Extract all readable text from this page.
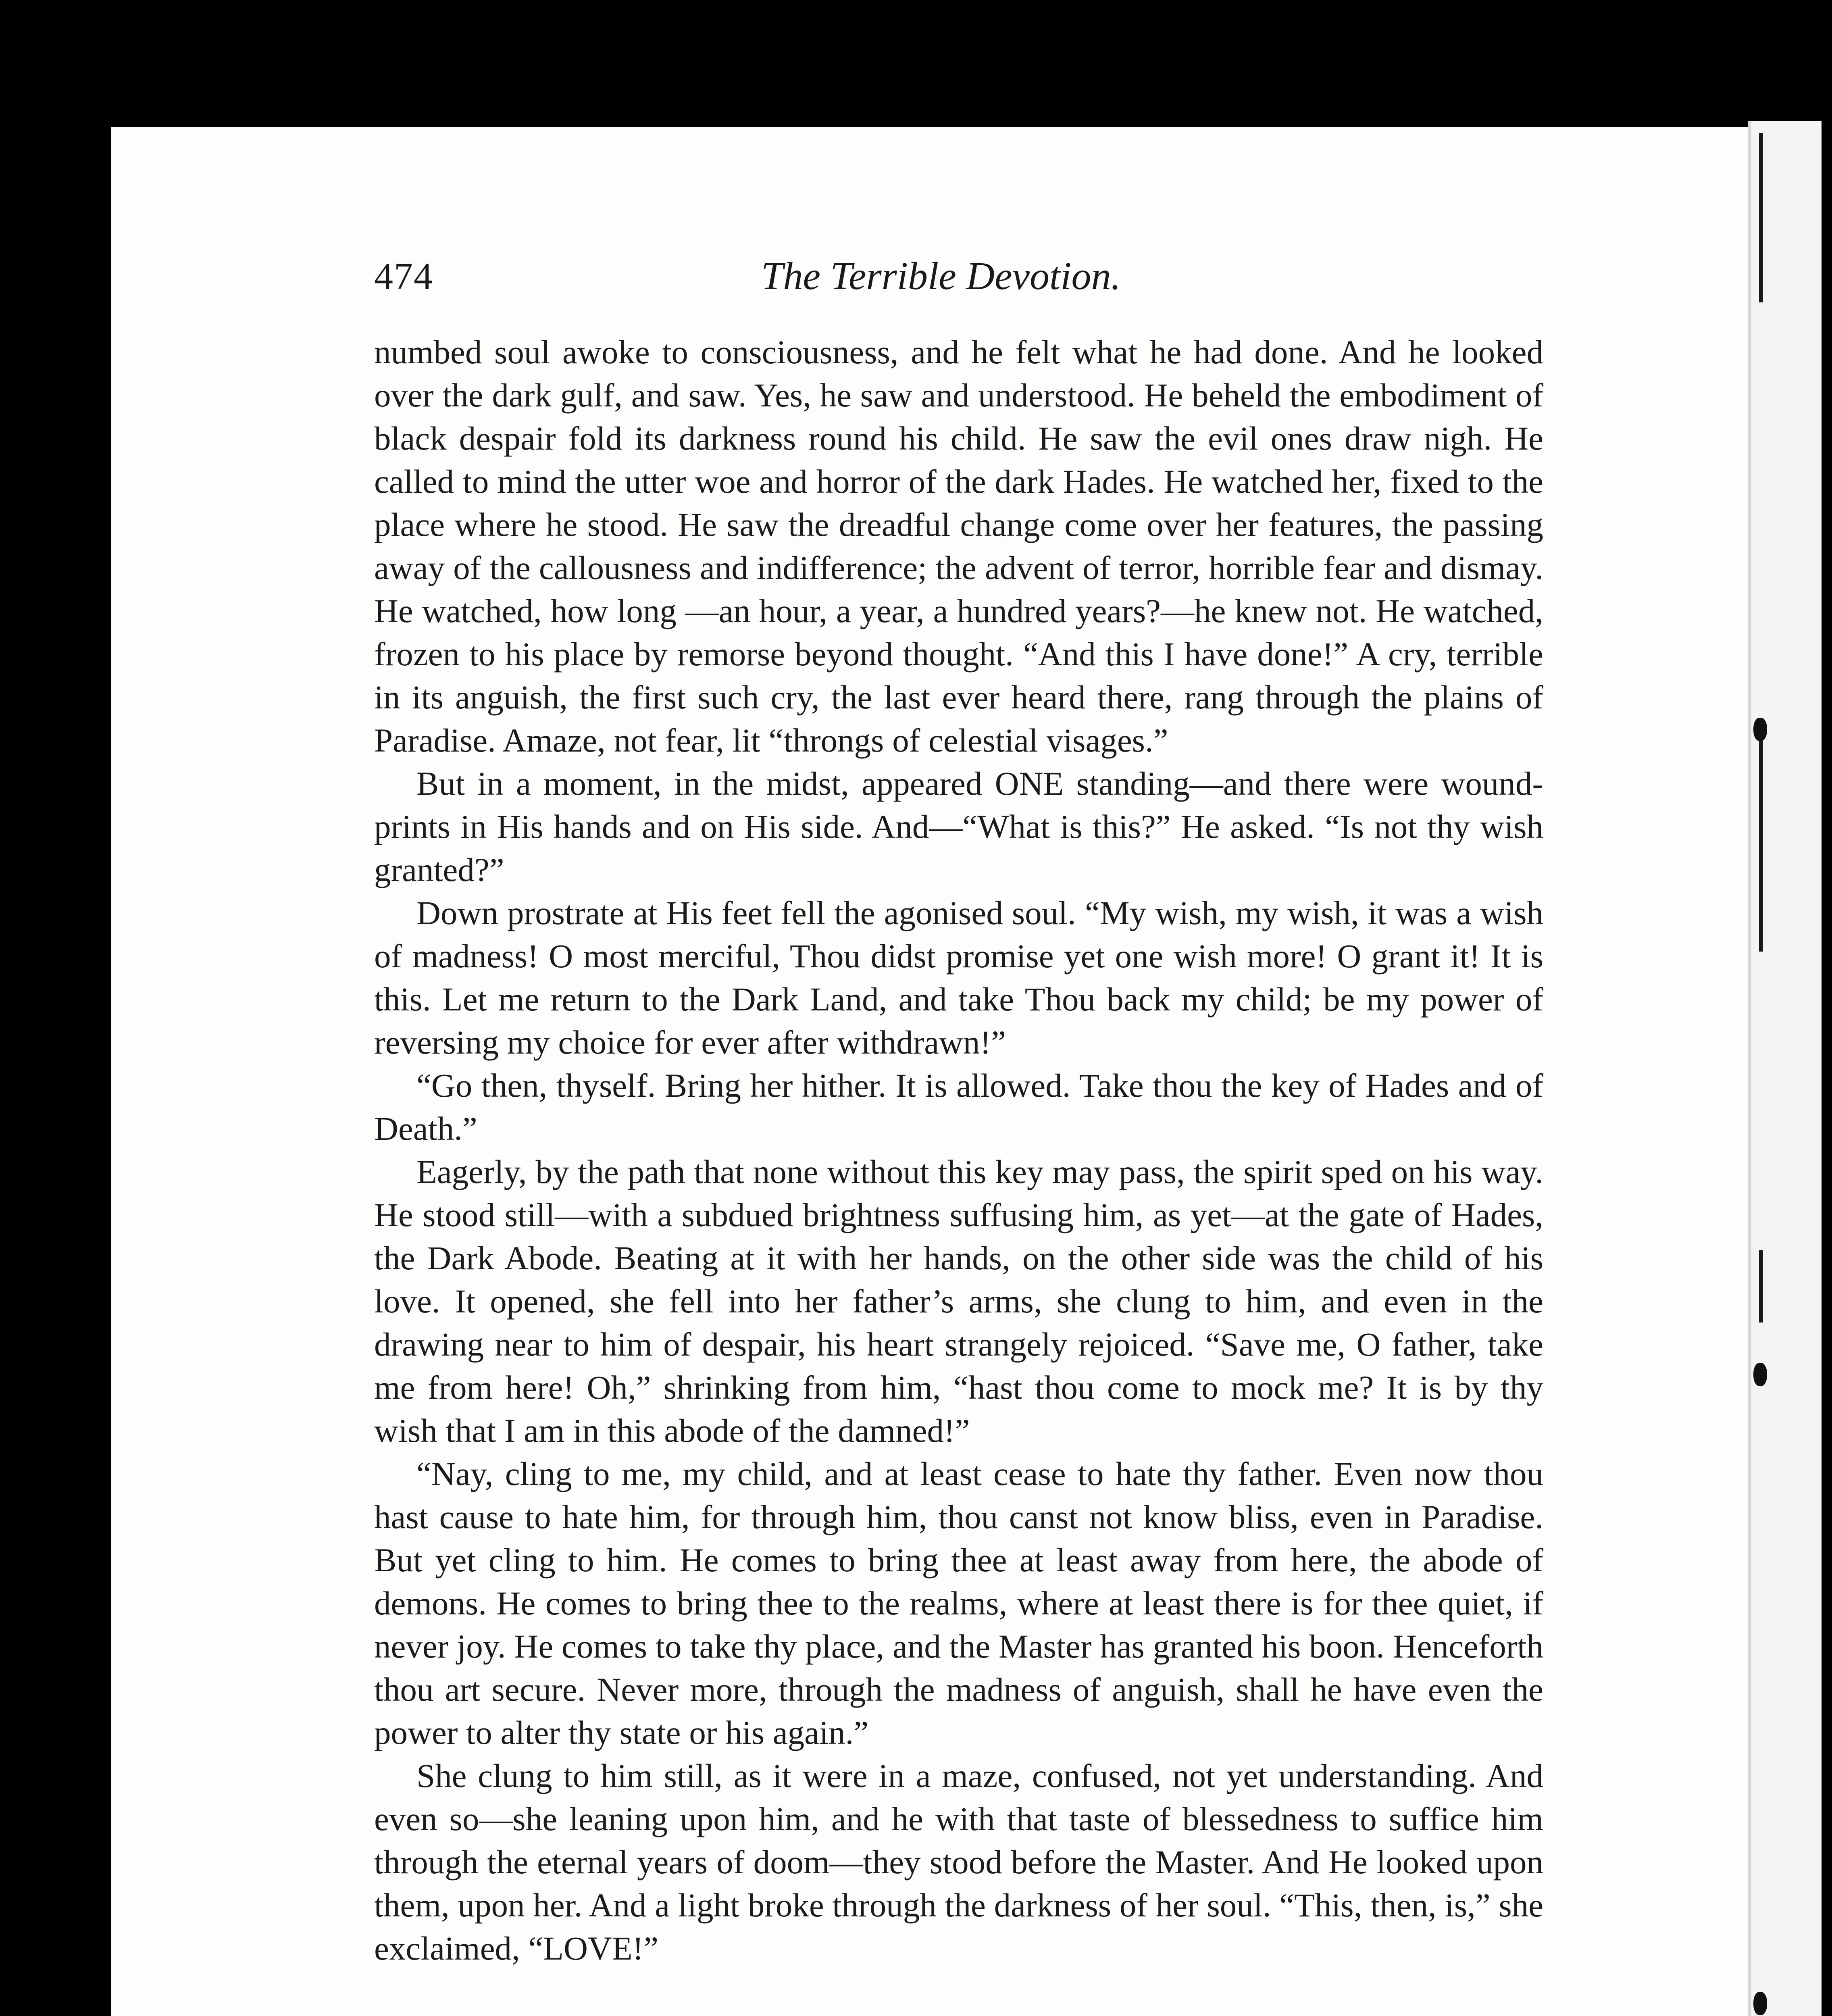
474	The Terrible Devotion.

numbed soul awoke to consciousness, and he felt what he had done. And he looked over the dark gulf, and saw. Yes, he saw and understood. He beheld the embodiment of black despair fold its darkness round his child. He saw the evil ones draw nigh. He called to mind the utter woe and horror of the dark Hades. He watched her, fixed to the place where he stood. He saw the dreadful change come over her features, the passing away of the callousness and indifference; the advent of terror, horrible fear and dismay. He watched, how long —an hour, a year, a hundred years?—he knew not. He watched, frozen to his place by remorse beyond thought. “And this I have done!” A cry, terrible in its anguish, the first such cry, the last ever heard there, rang through the plains of Paradise. Amaze, not fear, lit “throngs of celestial visages.”

But in a moment, in the midst, appeared ONE standing—and there were wound-prints in His hands and on His side. And—“What is this?” He asked. “Is not thy wish granted?”

Down prostrate at His feet fell the agonised soul. “My wish, my wish, it was a wish of madness! O most merciful, Thou didst promise yet one wish more! O grant it! It is this. Let me return to the Dark Land, and take Thou back my child; be my power of reversing my choice for ever after withdrawn!”

“Go then, thyself. Bring her hither. It is allowed. Take thou the key of Hades and of Death.”

Eagerly, by the path that none without this key may pass, the spirit sped on his way. He stood still—with a subdued brightness suffusing him, as yet—at the gate of Hades, the Dark Abode. Beating at it with her hands, on the other side was the child of his love. It opened, she fell into her father’s arms, she clung to him, and even in the drawing near to him of despair, his heart strangely rejoiced. “Save me, O father, take me from here! Oh,” shrinking from him, “hast thou come to mock me? It is by thy wish that I am in this abode of the damned!”

“Nay, cling to me, my child, and at least cease to hate thy father. Even now thou hast cause to hate him, for through him, thou canst not know bliss, even in Paradise. But yet cling to him. He comes to bring thee at least away from here, the abode of demons. He comes to bring thee to the realms, where at least there is for thee quiet, if never joy. He comes to take thy place, and the Master has granted his boon. Henceforth thou art secure. Never more, through the madness of anguish, shall he have even the power to alter thy state or his again.”

She clung to him still, as it were in a maze, confused, not yet understanding. And even so—she leaning upon him, and he with that taste of blessedness to suffice him through the eternal years of doom—they stood before the Master. And He looked upon them, upon her. And a light broke through the darkness of her soul. “This, then, is,” she exclaimed, “LOVE!”
